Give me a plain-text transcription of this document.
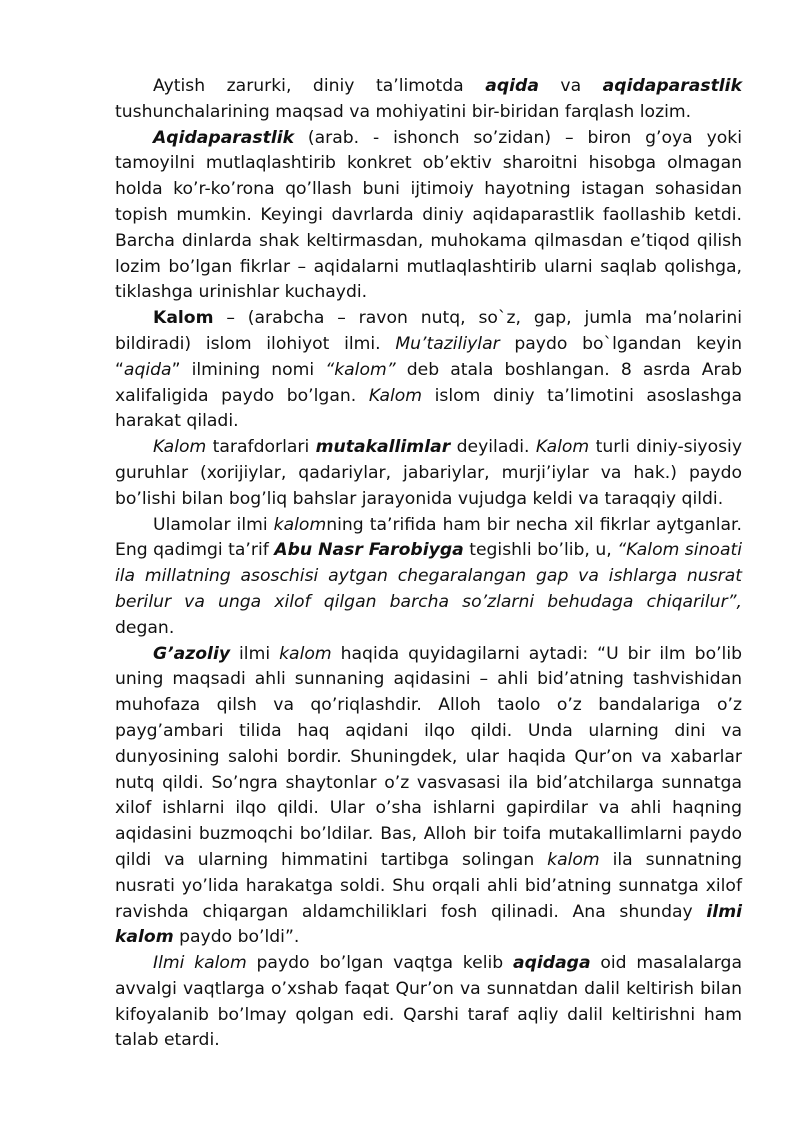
Aytish zarurki, diniy ta’limotda aqida va aqidaparastlik tushunchalarining maqsad va mohiyatini bir-biridan farqlash lozim.

Aqidaparastlik (arab. - ishonch so’zidan) – biron g’oya yoki tamoyilni mutlaqlashtirib konkret ob’ektiv sharoitni hisobga olmagan holda ko’r-ko’rona qo’llash buni ijtimoiy hayotning istagan sohasidan topish mumkin. Keyingi davrlarda diniy aqidaparastlik faollashib ketdi. Barcha dinlarda shak keltirmasdan, muhokama qilmasdan e’tiqod qilish lozim bo’lgan fikrlar – aqidalarni mutlaqlashtirib ularni saqlab qolishga, tiklashga urinishlar kuchaydi.

Kalom – (arabcha – ravon nutq, so`z, gap, jumla ma’nolarini bildiradi) islom ilohiyot ilmi. Mu’taziliylar paydo bo`lgandan keyin “aqida” ilmining nomi “kalom” deb atala boshlangan. 8 asrda Arab xalifaligida paydo bo’lgan. Kalom islom diniy ta’limotini asoslashga harakat qiladi.

Kalom tarafdorlari mutakallimlar deyiladi. Kalom turli diniy-siyosiy guruhlar (xorijiylar, qadariylar, jabariylar, murji’iylar va hak.) paydo bo’lishi bilan bog’liq bahslar jarayonida vujudga keldi va taraqqiy qildi.

Ulamolar ilmi kalomning ta’rifida ham bir necha xil fikrlar aytganlar. Eng qadimgi ta’rif Abu Nasr Farobiyga tegishli bo’lib, u, “Kalom sinoati ila millatning asoschisi aytgan chegaralangan gap va ishlarga nusrat berilur va unga xilof qilgan barcha so’zlarni behudaga chiqarilur”, degan.

G’azoliy ilmi kalom haqida quyidagilarni aytadi: “U bir ilm bo’lib uning maqsadi ahli sunnaning aqidasini – ahli bid’atning tashvishidan muhofaza qilsh va qo’riqlashdir. Alloh taolo o’z bandalariga o’z payg’ambari tilida haq aqidani ilqo qildi. Unda ularning dini va dunyosining salohi bordir. Shuningdek, ular haqida Qur’on va xabarlar nutq qildi. So’ngra shaytonlar o’z vasvasasi ila bid’atchilarga sunnatga xilof ishlarni ilqo qildi. Ular o’sha ishlarni gapirdilar va ahli haqning aqidasini buzmoqchi bo’ldilar. Bas, Alloh bir toifa mutakallimlarni paydo qildi va ularning himmatini tartibga solingan kalom ila sunnatning nusrati yo’lida harakatga soldi. Shu orqali ahli bid’atning sunnatga xilof ravishda chiqargan aldamchiliklari fosh qilinadi. Ana shunday ilmi kalom paydo bo’ldi”.

Ilmi kalom paydo bo’lgan vaqtga kelib aqidaga oid masalalarga avvalgi vaqtlarga o’xshab faqat Qur’on va sunnatdan dalil keltirish bilan kifoyalanib bo’lmay qolgan edi. Qarshi taraf aqliy dalil keltirishni ham talab etardi.
